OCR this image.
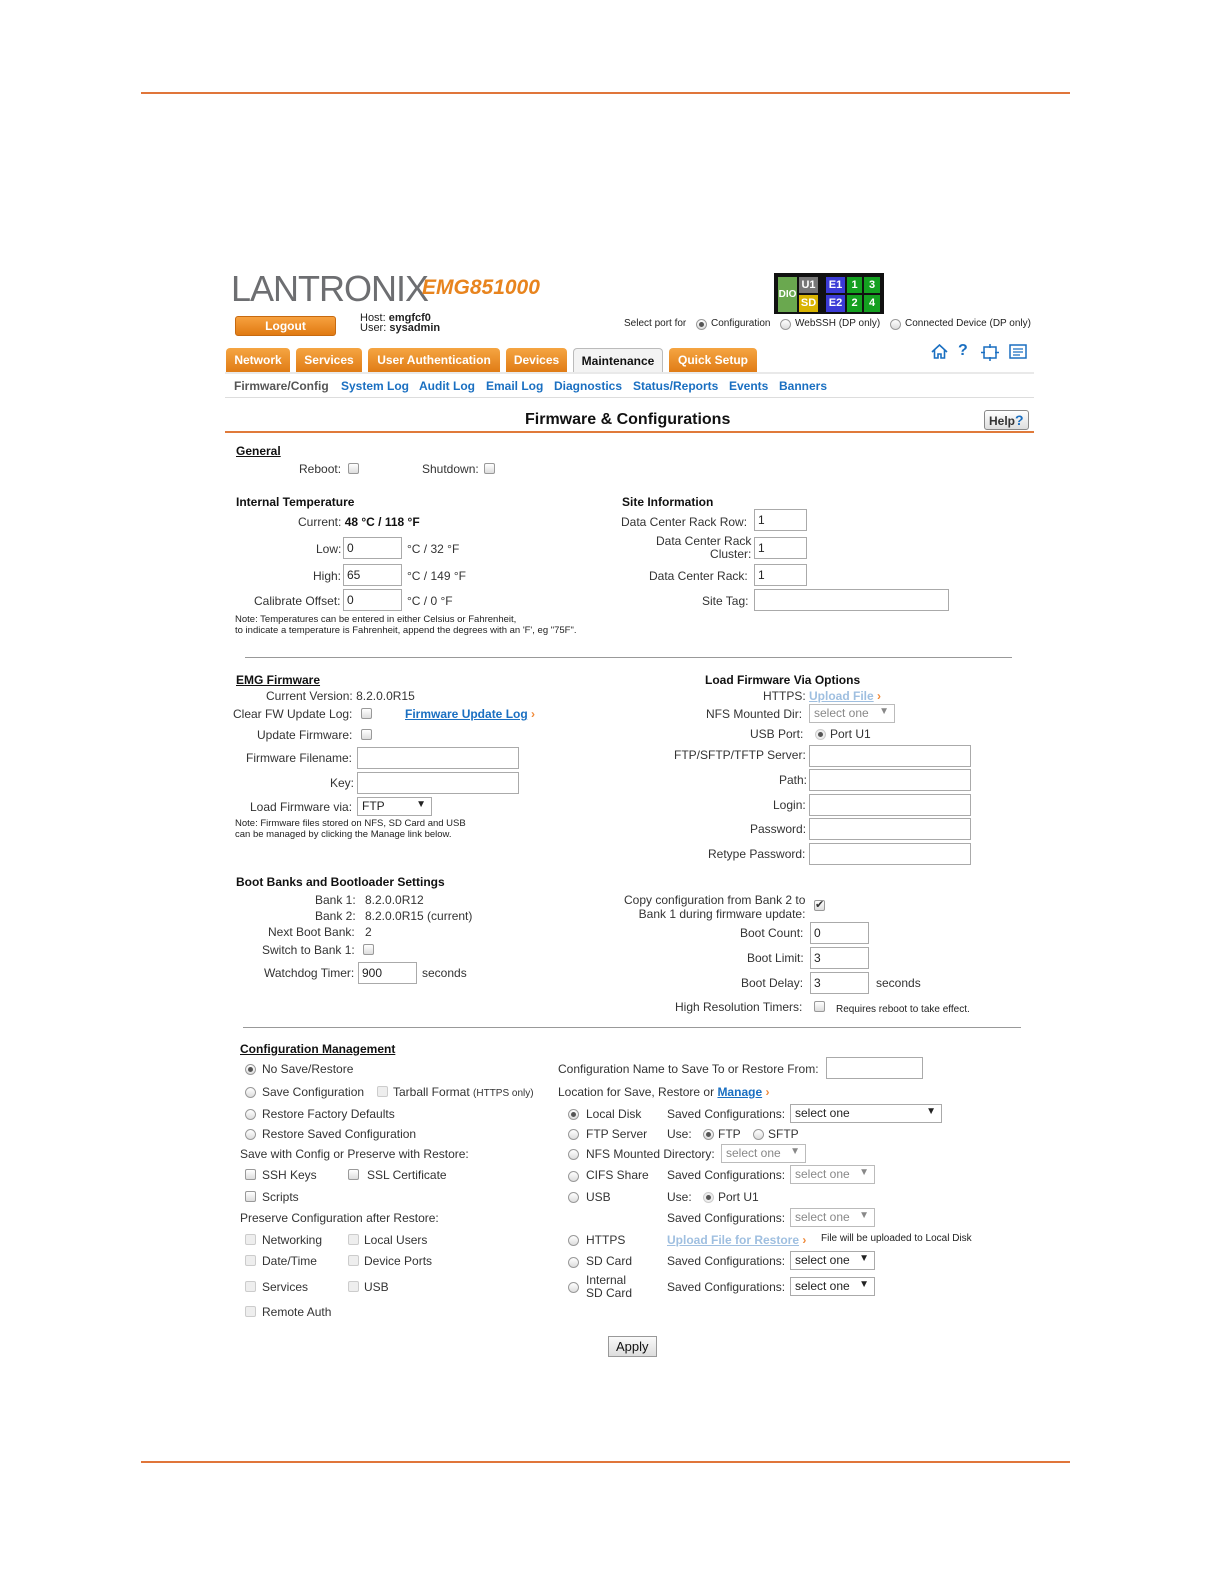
LANTRONIX
EMG851000	DIO
U1
SD
E1
E2
1
2
3
4
Logout
Host: emgfcf0
User: sysadmin	Select port for Configuration WebSSH (DP only) Connected Device (DP only)
Network	Services	User Authentication	Devices	Maintenance	Quick Setup
?
Firmware/Config System Log Audit Log Email Log Diagnostics Status/Reports Events Banners
Firmware & Configurations	Help?
General
Reboot:	Shutdown:
Internal Temperature
Current: 48 °C / 118 °F
Low:
0	°C / 32 °F
High:
65	°C / 149 °F
Calibrate Offset:
0	°C / 0 °F
Note: Temperatures can be entered in either Celsius or Fahrenheit,
to indicate a temperature is Fahrenheit, append the degrees with an 'F', eg "75F".
Site Information
Data Center Rack Row:
1
Data Center Rack
Cluster:
1
Data Center Rack:
1
Site Tag:
EMG Firmware
Current Version: 8.2.0.0R15
Clear FW Update Log:	Firmware Update Log ›
Update Firmware:
Firmware Filename:
Key:
Load Firmware via: FTP	▼
Note: Firmware files stored on NFS, SD Card and USB
can be managed by clicking the Manage link below.
Load Firmware Via Options
HTTPS: Upload File ›
NFS Mounted Dir: select one ▼
USB Port: Port U1
FTP/SFTP/TFTP Server:
Path:
Login:
Password:
Retype Password:
Boot Banks and Bootloader Settings
Bank 1: 8.2.0.0R12
Bank 2: 8.2.0.0R15 (current)
Next Boot Bank: 2
Switch to Bank 1:
Watchdog Timer:
900	seconds
Copy configuration from Bank 2 to
Bank 1 during firmware update:
✔
Boot Count:
0
Boot Limit:
3
Boot Delay:
3	seconds
High Resolution Timers:	Requires reboot to take effect.
Configuration Management
No Save/Restore
Save Configuration Tarball Format (HTTPS only)
Restore Factory Defaults
Restore Saved Configuration
Save with Config or Preserve with Restore:
SSH Keys	SSL Certificate
Scripts
Preserve Configuration after Restore:
Networking	Local Users
Date/Time	Device Ports
Services	USB
Remote Auth
Configuration Name to Save To or Restore From:
Location for Save, Restore or Manage ›
Local Disk Saved Configurations: select one	▼
FTP Server Use: FTP SFTP
NFS Mounted Directory: select one ▼
CIFS Share Saved Configurations: select one ▼
USB	Use: Port U1
Saved Configurations: select one ▼
HTTPS	Upload File for Restore › File will be uploaded to Local Disk
SD Card	Saved Configurations: select one ▼
Internal
SD Card	Saved Configurations: select one ▼
Apply
